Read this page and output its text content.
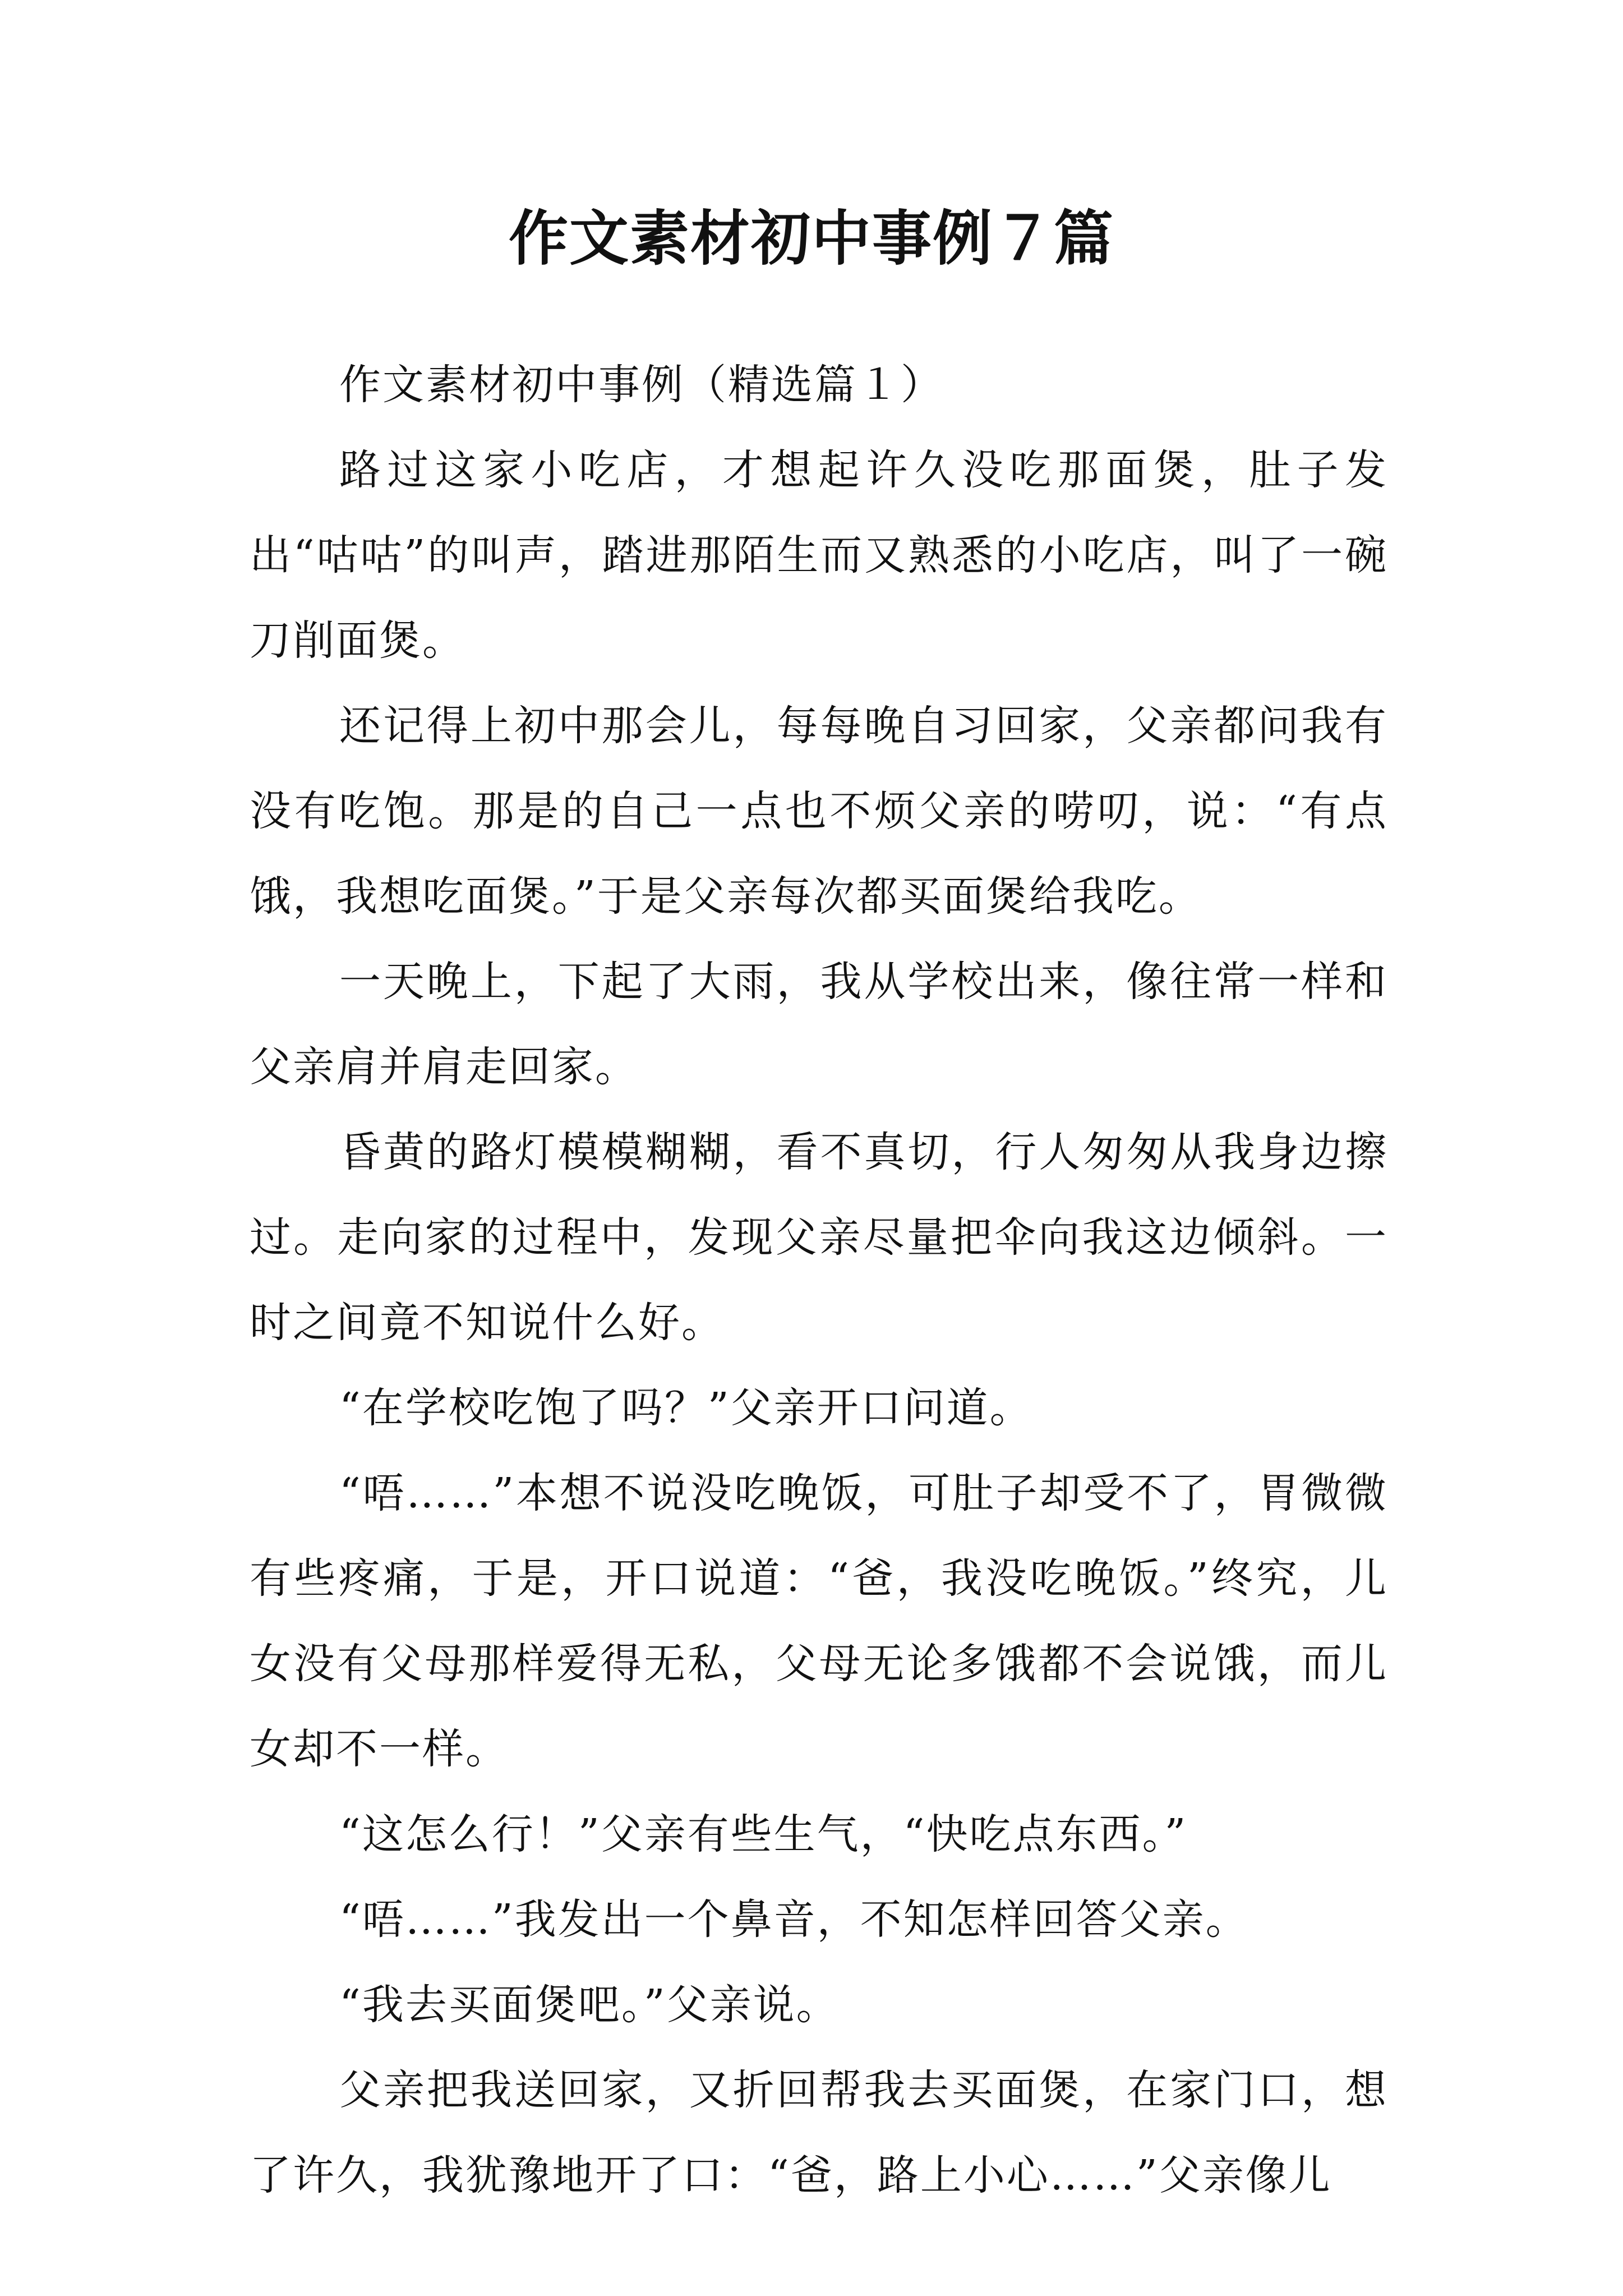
作文素材初中事例７篇

作文素材初中事例（精选篇１）

路过这家小吃店，才想起许久没吃那面煲，肚子发出“咕咕”的叫声，踏进那陌生而又熟悉的小吃店，叫了一碗刀削面煲。

还记得上初中那会儿，每每晚自习回家，父亲都问我有没有吃饱。那是的自己一点也不烦父亲的唠叨，说：“有点饿，我想吃面煲。”于是父亲每次都买面煲给我吃。

一天晚上，下起了大雨，我从学校出来，像往常一样和父亲肩并肩走回家。

昏黄的路灯模模糊糊，看不真切，行人匆匆从我身边擦过。走向家的过程中，发现父亲尽量把伞向我这边倾斜。一时之间竟不知说什么好。

“在学校吃饱了吗？”父亲开口问道。

“唔……”本想不说没吃晚饭，可肚子却受不了，胃微微有些疼痛，于是，开口说道：“爸，我没吃晚饭。”终究，儿女没有父母那样爱得无私，父母无论多饿都不会说饿，而儿女却不一样。

“这怎么行！”父亲有些生气，“快吃点东西。”

“唔……”我发出一个鼻音，不知怎样回答父亲。

“我去买面煲吧。”父亲说。

父亲把我送回家，又折回帮我去买面煲，在家门口，想了许久，我犹豫地开了口：“爸，路上小心……”父亲像儿
